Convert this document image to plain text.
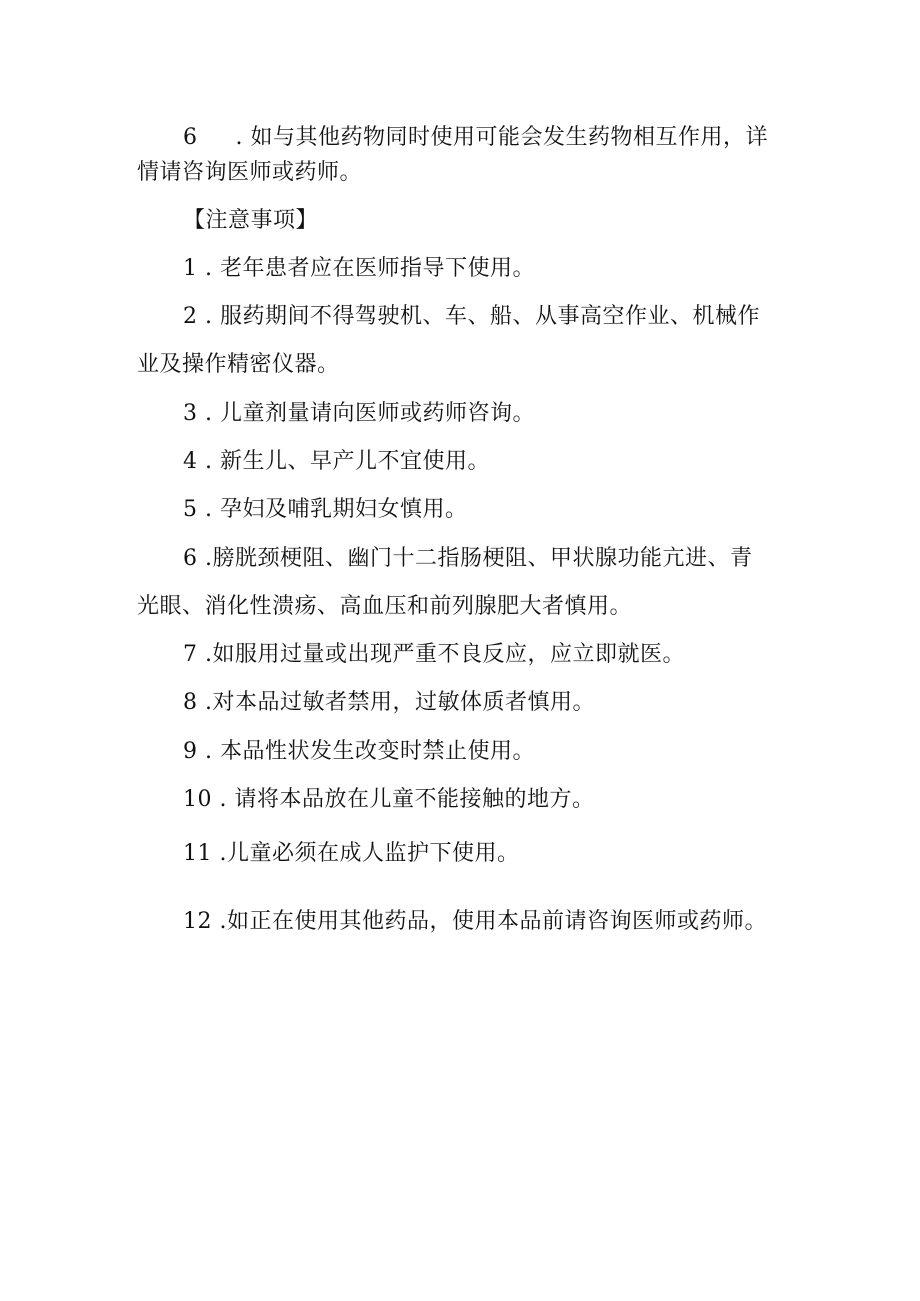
6 . 如与其他药物同时使用可能会发生药物相互作用，详
情请咨询医师或药师。
【注意事项】
1 . 老年患者应在医师指导下使用。
2 . 服药期间不得驾驶机、车、船、从事高空作业、机械作
业及操作精密仪器。
3 . 儿童剂量请向医师或药师咨询。
4 . 新生儿、早产儿不宜使用。
5 . 孕妇及哺乳期妇女慎用。
6 .膀胱颈梗阻、幽门十二指肠梗阻、甲状腺功能亢进、青
光眼、消化性溃疡、高血压和前列腺肥大者慎用。
7 .如服用过量或出现严重不良反应，应立即就医。
8 .对本品过敏者禁用，过敏体质者慎用。
9 . 本品性状发生改变时禁止使用。
10 . 请将本品放在儿童不能接触的地方。
11 .儿童必须在成人监护下使用。
12 .如正在使用其他药品，使用本品前请咨询医师或药师。
